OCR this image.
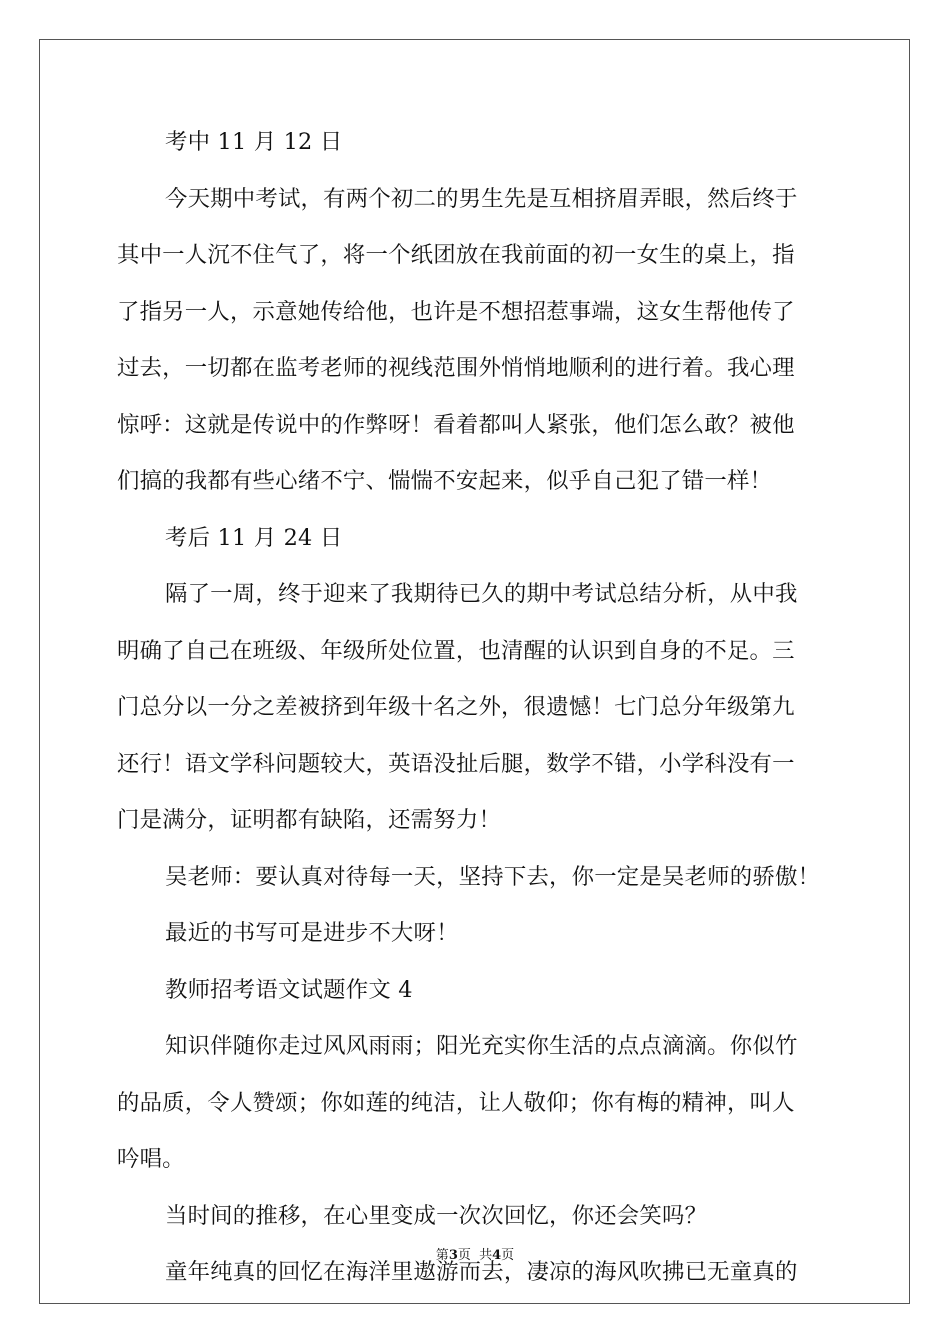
考中 11 月 12 日
今天期中考试，有两个初二的男生先是互相挤眉弄眼，然后终于
其中一人沉不住气了，将一个纸团放在我前面的初一女生的桌上，指
了指另一人，示意她传给他，也许是不想招惹事端，这女生帮他传了
过去，一切都在监考老师的视线范围外悄悄地顺利的进行着。我心理
惊呼：这就是传说中的作弊呀！看着都叫人紧张，他们怎么敢？被他
们搞的我都有些心绪不宁、惴惴不安起来，似乎自己犯了错一样！
考后 11 月 24 日
隔了一周，终于迎来了我期待已久的期中考试总结分析，从中我
明确了自己在班级、年级所处位置，也清醒的认识到自身的不足。三
门总分以一分之差被挤到年级十名之外，很遗憾！七门总分年级第九
还行！语文学科问题较大，英语没扯后腿，数学不错，小学科没有一
门是满分，证明都有缺陷，还需努力！
吴老师：要认真对待每一天，坚持下去，你一定是吴老师的骄傲！
最近的书写可是进步不大呀！
教师招考语文试题作文 4
知识伴随你走过风风雨雨；阳光充实你生活的点点滴滴。你似竹
的品质，令人赞颂；你如莲的纯洁，让人敬仰；你有梅的精神，叫人
吟唱。
当时间的推移，在心里变成一次次回忆，你还会笑吗？
童年纯真的回忆在海洋里遨游而去，凄凉的海风吹拂已无童真的
第3页  共4页
